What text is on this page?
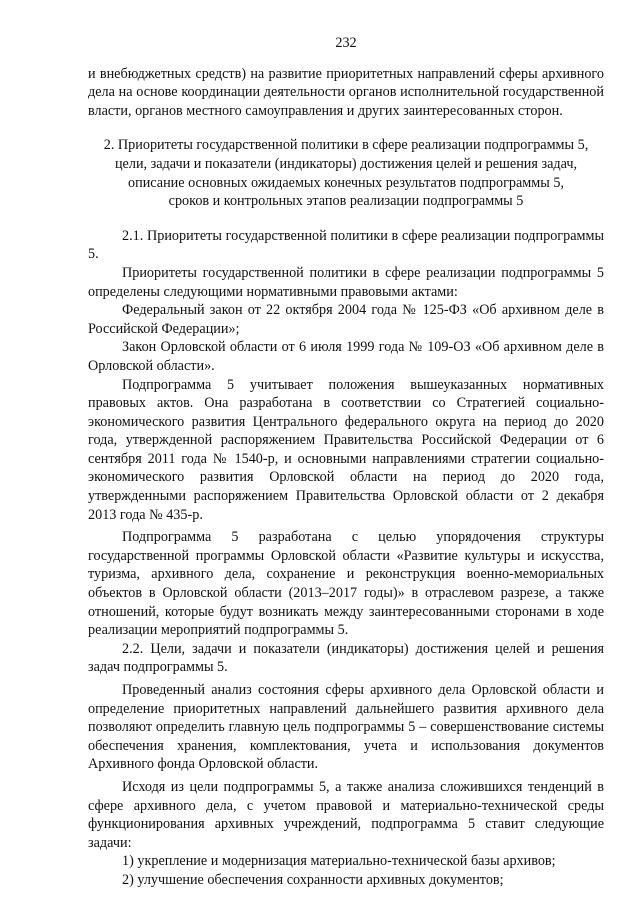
232

и внебюджетных средств) на развитие приоритетных направлений сферы архивного дела на основе координации деятельности органов исполнительной государственной власти, органов местного самоуправления и других заинтересованных сторон.

2. Приоритеты государственной политики в сфере реализации подпрограммы 5,
цели, задачи и показатели (индикаторы) достижения целей и решения задач,
описание основных ожидаемых конечных результатов подпрограммы 5,
сроков и контрольных этапов реализации подпрограммы 5

2.1. Приоритеты государственной политики в сфере реализации подпрограммы 5.

Приоритеты государственной политики в сфере реализации подпрограммы 5 определены следующими нормативными правовыми актами:

Федеральный закон от 22 октября 2004 года № 125-ФЗ «Об архивном деле в Российской Федерации»;

Закон Орловской области от 6 июля 1999 года № 109-ОЗ «Об архивном деле в Орловской области».

Подпрограмма 5 учитывает положения вышеуказанных нормативных правовых актов. Она разработана в соответствии со Стратегией социально-экономического развития Центрального федерального округа на период до 2020 года, утвержденной распоряжением Правительства Российской Федерации от 6 сентября 2011 года № 1540-р, и основными направлениями стратегии социально-экономического развития Орловской области на период до 2020 года, утвержденными распоряжением Правительства Орловской области от 2 декабря 2013 года № 435-р.

Подпрограмма 5 разработана с целью упорядочения структуры государственной программы Орловской области «Развитие культуры и искусства, туризма, архивного дела, сохранение и реконструкция военно-мемориальных объектов в Орловской области (2013–2017 годы)» в отраслевом разрезе, а также отношений, которые будут возникать между заинтересованными сторонами в ходе реализации мероприятий подпрограммы 5.

2.2. Цели, задачи и показатели (индикаторы) достижения целей и решения задач подпрограммы 5.

Проведенный анализ состояния сферы архивного дела Орловской области и определение приоритетных направлений дальнейшего развития архивного дела позволяют определить главную цель подпрограммы 5 – совершенствование системы обеспечения хранения, комплектования, учета и использования документов Архивного фонда Орловской области.

Исходя из цели подпрограммы 5, а также анализа сложившихся тенденций в сфере архивного дела, с учетом правовой и материально-технической среды функционирования архивных учреждений, подпрограмма 5 ставит следующие задачи:

1) укрепление и модернизация материально-технической базы архивов;

2) улучшение обеспечения сохранности архивных документов;
